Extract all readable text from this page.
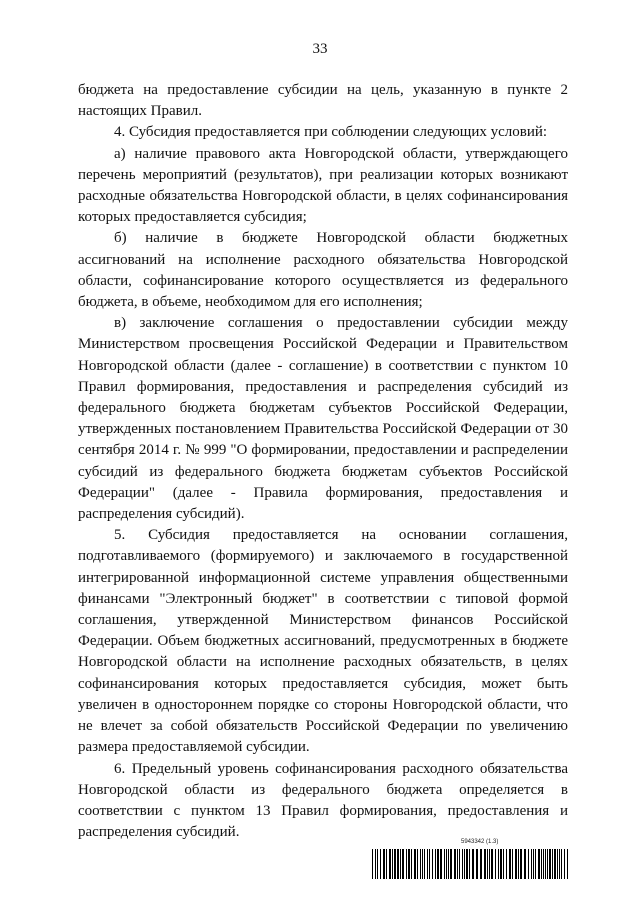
33

бюджета на предоставление субсидии на цель, указанную в пункте 2 настоящих Правил.

4. Субсидия предоставляется при соблюдении следующих условий:

а) наличие правового акта Новгородской области, утверждающего перечень мероприятий (результатов), при реализации которых возникают расходные обязательства Новгородской области, в целях софинансирования которых предоставляется субсидия;

б) наличие в бюджете Новгородской области бюджетных ассигнований на исполнение расходного обязательства Новгородской области, софинансирование которого осуществляется из федерального бюджета, в объеме, необходимом для его исполнения;

в) заключение соглашения о предоставлении субсидии между Министерством просвещения Российской Федерации и Правительством Новгородской области (далее - соглашение) в соответствии с пунктом 10 Правил формирования, предоставления и распределения субсидий из федерального бюджета бюджетам субъектов Российской Федерации, утвержденных постановлением Правительства Российской Федерации от 30 сентября 2014 г. № 999 "О формировании, предоставлении и распределении субсидий из федерального бюджета бюджетам субъектов Российской Федерации" (далее - Правила формирования, предоставления и распределения субсидий).

5. Субсидия предоставляется на основании соглашения, подготавливаемого (формируемого) и заключаемого в государственной интегрированной информационной системе управления общественными финансами "Электронный бюджет" в соответствии с типовой формой соглашения, утвержденной Министерством финансов Российской Федерации. Объем бюджетных ассигнований, предусмотренных в бюджете Новгородской области на исполнение расходных обязательств, в целях софинансирования которых предоставляется субсидия, может быть увеличен в одностороннем порядке со стороны Новгородской области, что не влечет за собой обязательств Российской Федерации по увеличению размера предоставляемой субсидии.

6. Предельный уровень софинансирования расходного обязательства Новгородской области из федерального бюджета определяется в соответствии с пунктом 13 Правил формирования, предоставления и распределения субсидий.

5943342 (1.3)
